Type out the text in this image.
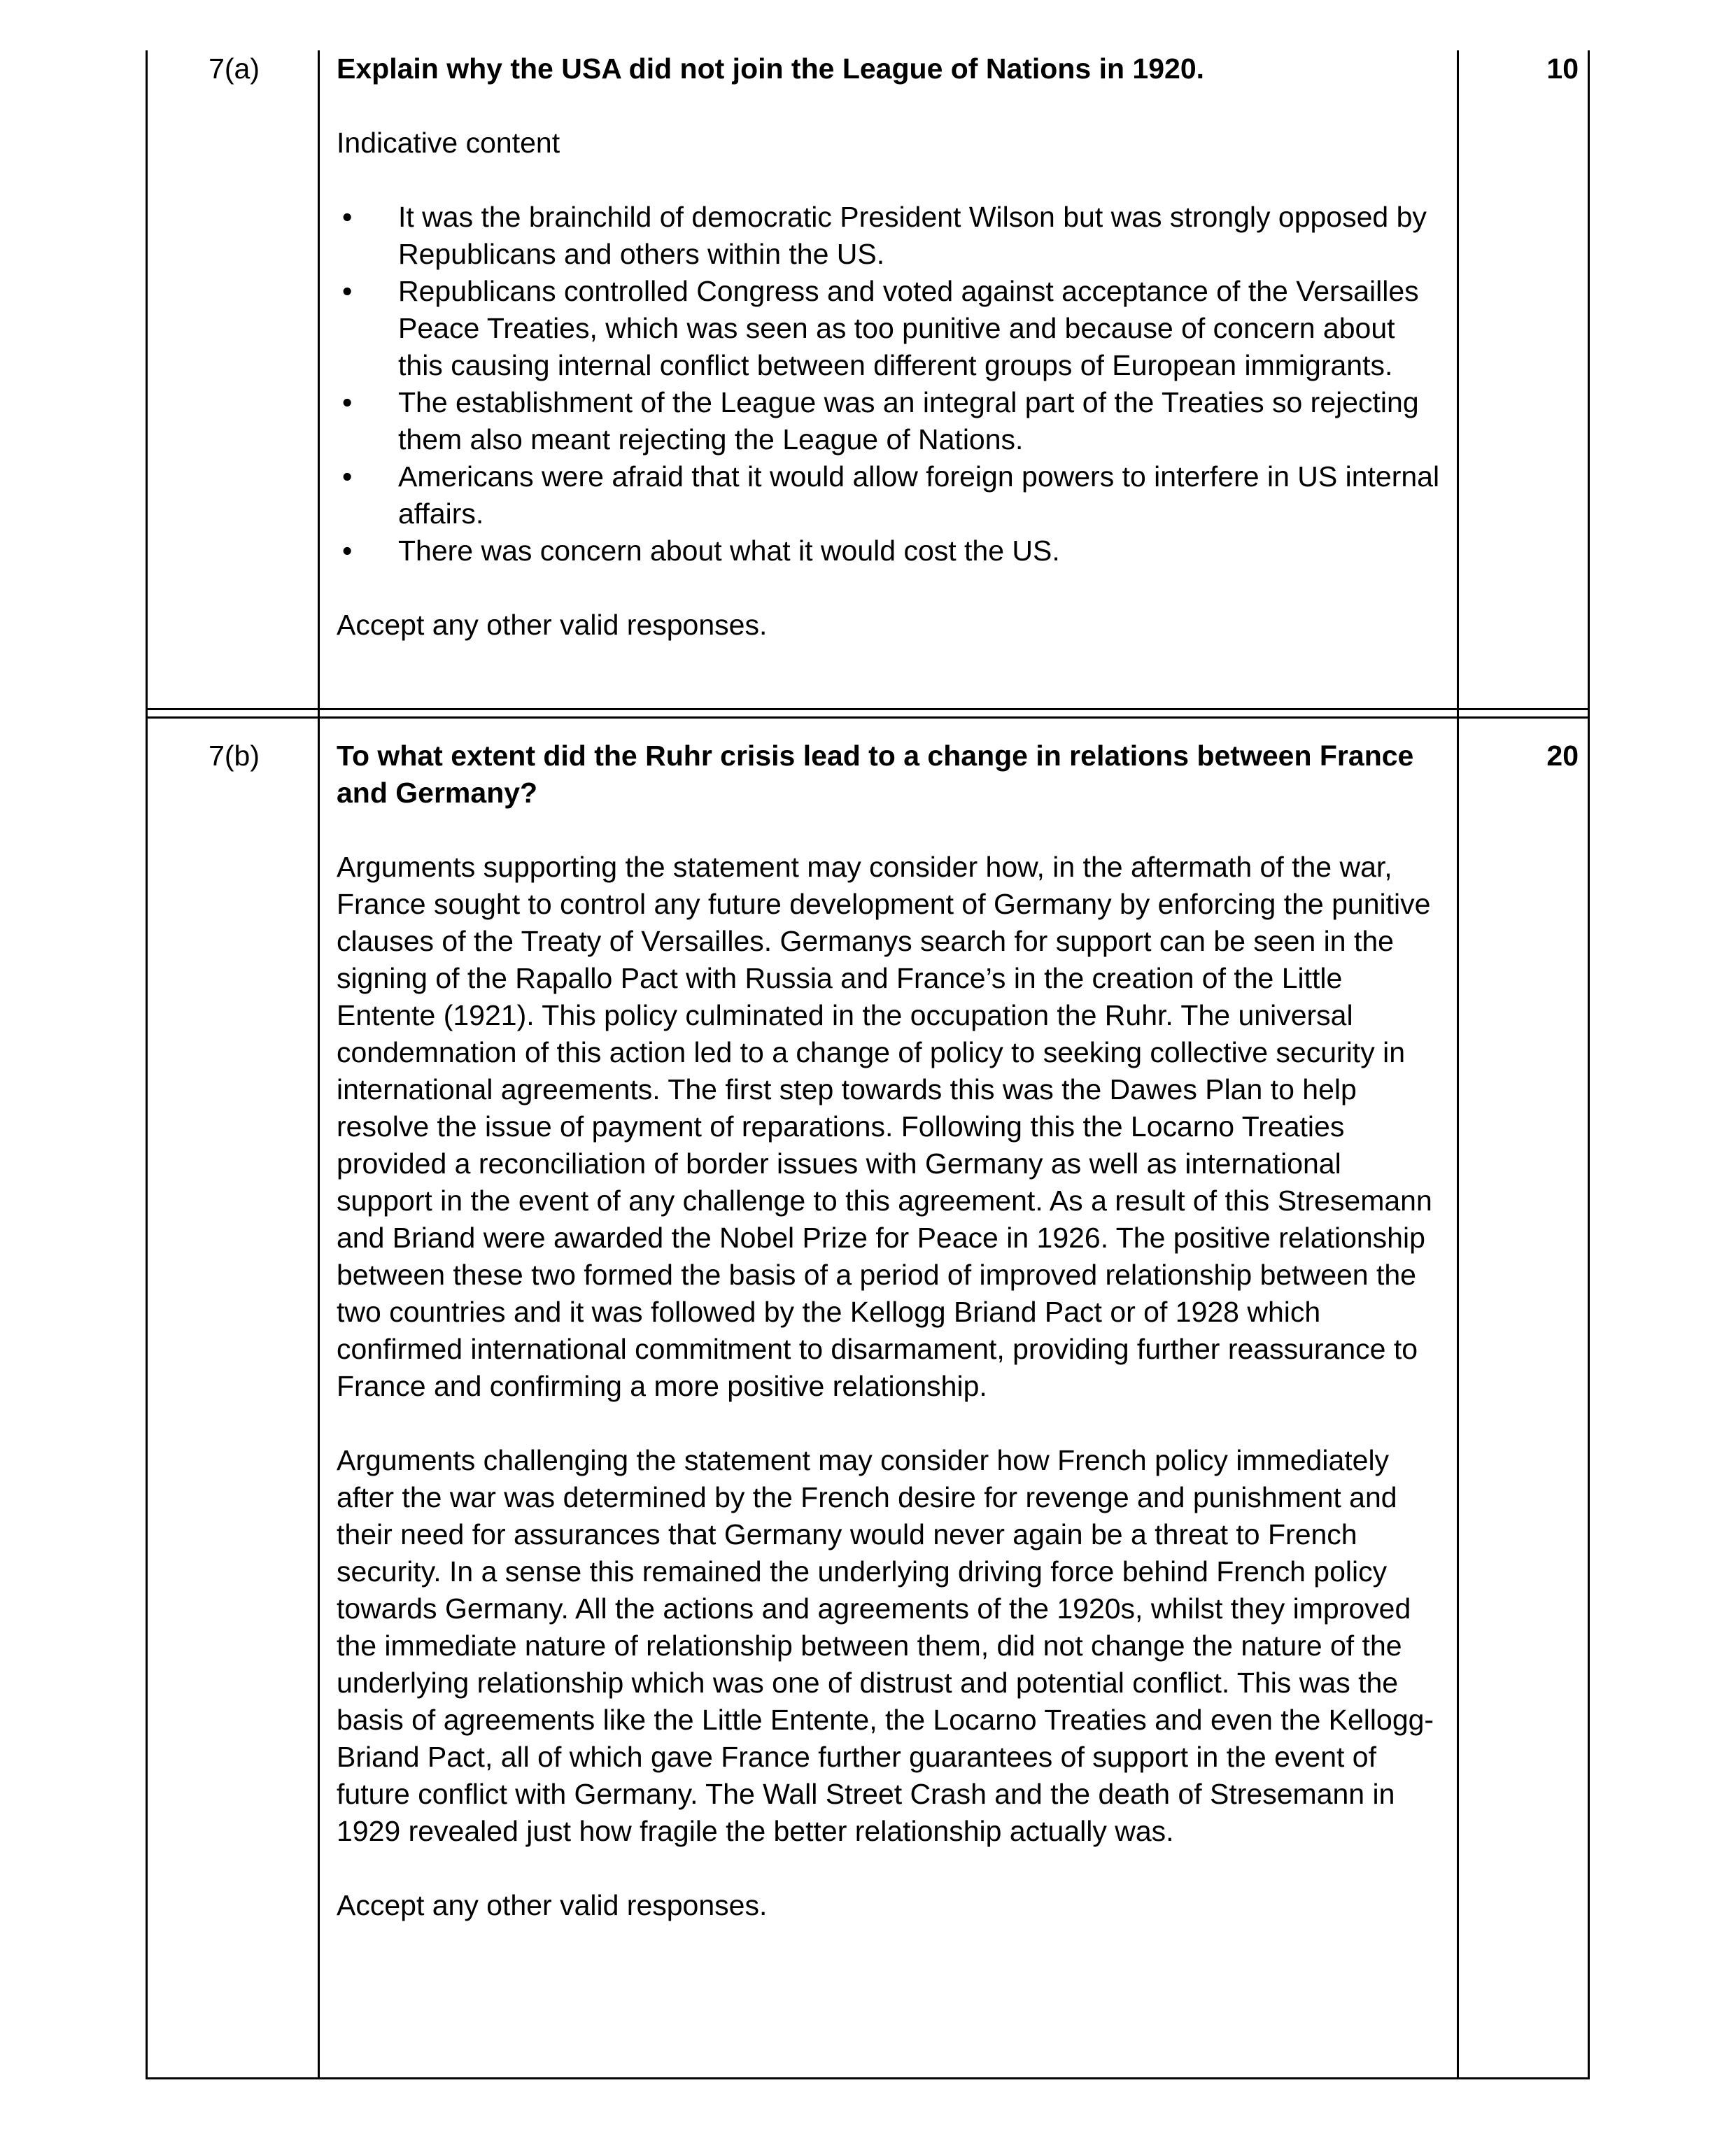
7(a)	10

Explain why the USA did not join the League of Nations in 1920.

Indicative content

• It was the brainchild of democratic President Wilson but was strongly opposed by Republicans and others within the US.
• Republicans controlled Congress and voted against acceptance of the Versailles Peace Treaties, which was seen as too punitive and because of concern about this causing internal conflict between different groups of European immigrants.
• The establishment of the League was an integral part of the Treaties so rejecting them also meant rejecting the League of Nations.
• Americans were afraid that it would allow foreign powers to interfere in US internal affairs.
• There was concern about what it would cost the US.

Accept any other valid responses.

7(b)	20

To what extent did the Ruhr crisis lead to a change in relations between France and Germany?

Arguments supporting the statement may consider how, in the aftermath of the war, France sought to control any future development of Germany by enforcing the punitive clauses of the Treaty of Versailles. Germanys search for support can be seen in the signing of the Rapallo Pact with Russia and France’s in the creation of the Little Entente (1921). This policy culminated in the occupation the Ruhr. The universal condemnation of this action led to a change of policy to seeking collective security in international agreements. The first step towards this was the Dawes Plan to help resolve the issue of payment of reparations. Following this the Locarno Treaties provided a reconciliation of border issues with Germany as well as international support in the event of any challenge to this agreement. As a result of this Stresemann and Briand were awarded the Nobel Prize for Peace in 1926. The positive relationship between these two formed the basis of a period of improved relationship between the two countries and it was followed by the Kellogg Briand Pact or of 1928 which confirmed international commitment to disarmament, providing further reassurance to France and confirming a more positive relationship.

Arguments challenging the statement may consider how French policy immediately after the war was determined by the French desire for revenge and punishment and their need for assurances that Germany would never again be a threat to French security. In a sense this remained the underlying driving force behind French policy towards Germany. All the actions and agreements of the 1920s, whilst they improved the immediate nature of relationship between them, did not change the nature of the underlying relationship which was one of distrust and potential conflict. This was the basis of agreements like the Little Entente, the Locarno Treaties and even the Kellogg-Briand Pact, all of which gave France further guarantees of support in the event of future conflict with Germany. The Wall Street Crash and the death of Stresemann in 1929 revealed just how fragile the better relationship actually was.

Accept any other valid responses.
